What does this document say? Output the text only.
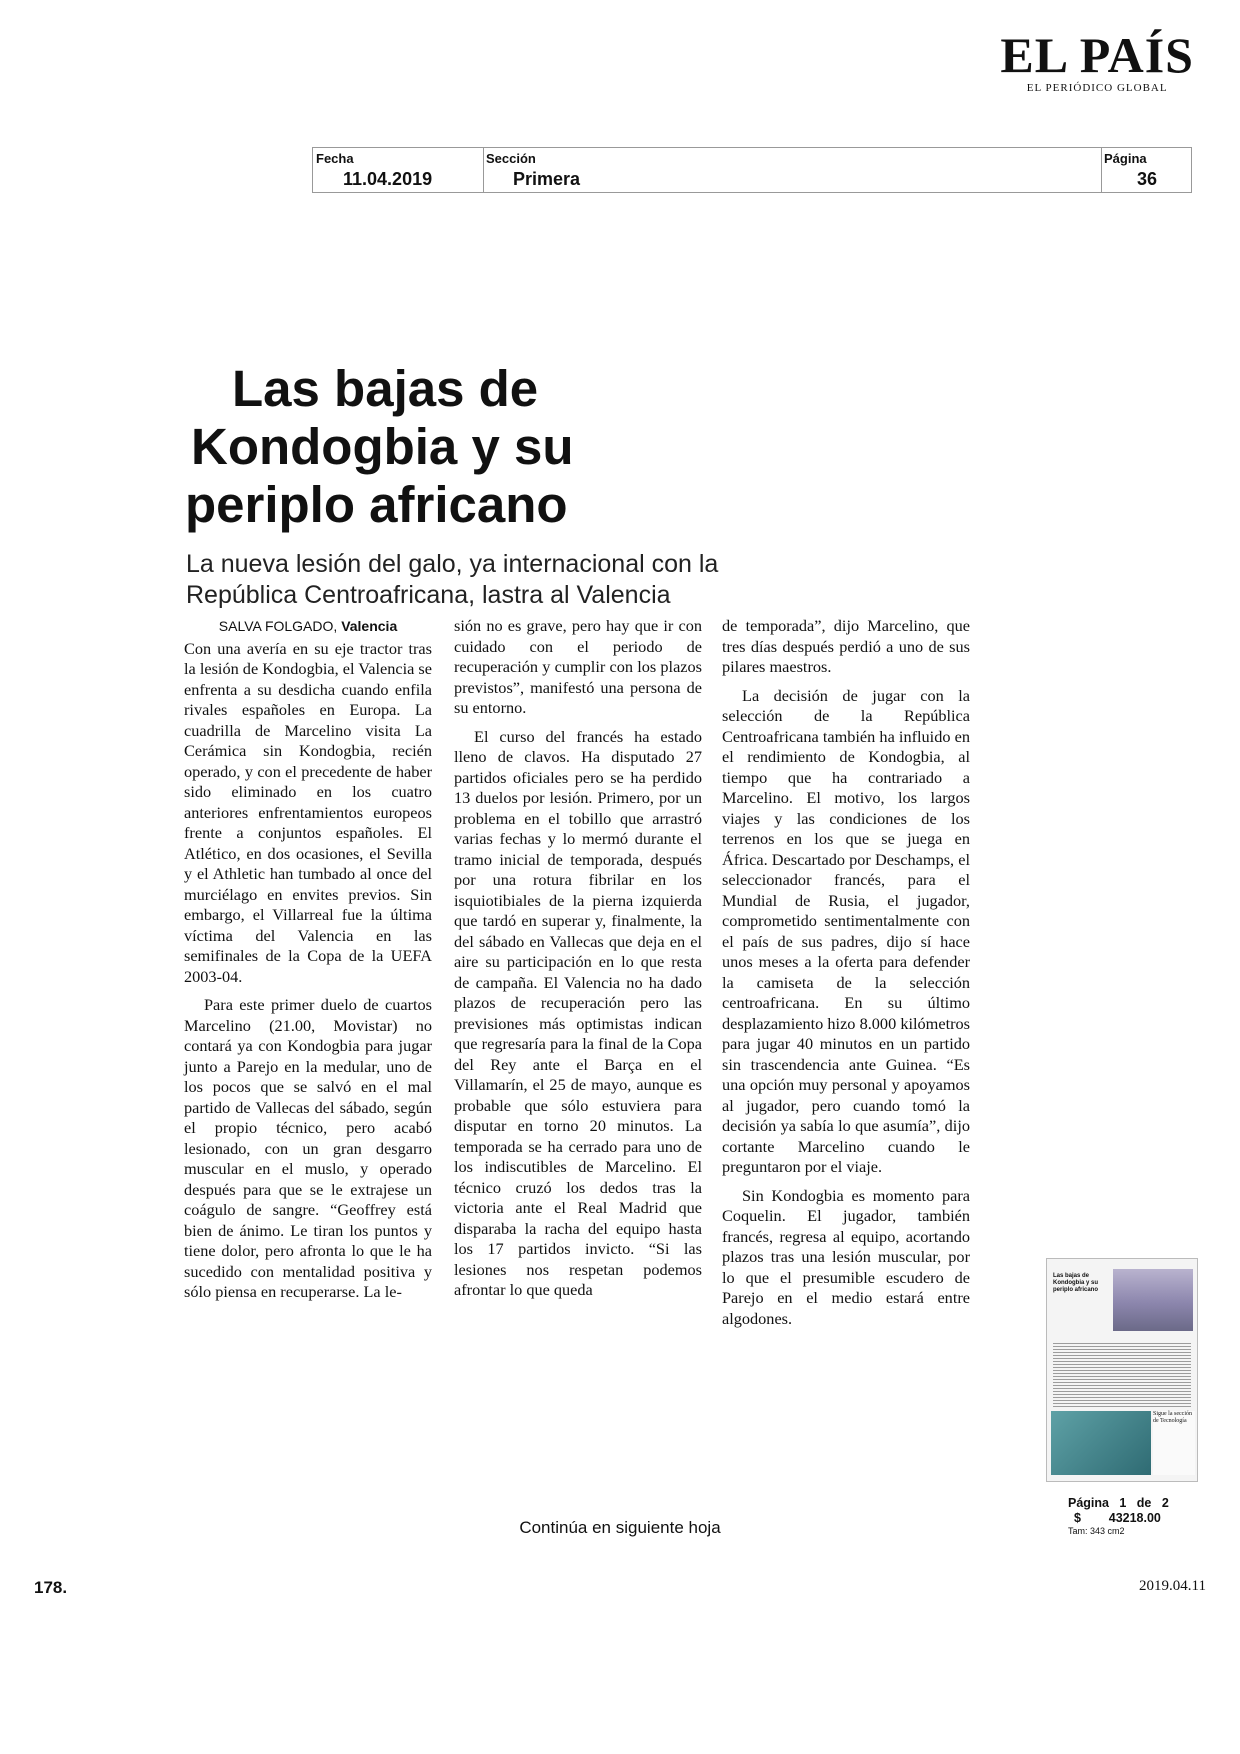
EL PAÍS
EL PERIÓDICO GLOBAL
Fecha
11.04.2019
Sección
Primera
Página
36
Las bajas de
Kondogbia y su
periplo africano
La nueva lesión del galo, ya internacional con la República Centroafricana, lastra al Valencia
SALVA FOLGADO, Valencia

Con una avería en su eje tractor tras la lesión de Kondogbia, el Valencia se enfrenta a su desdicha cuando enfila rivales españoles en Europa. La cuadrilla de Marcelino visita La Cerámica sin Kondogbia, recién operado, y con el precedente de haber sido eliminado en los cuatro anteriores enfrentamientos europeos frente a conjuntos españoles. El Atlético, en dos ocasiones, el Sevilla y el Athletic han tumbado al once del murciélago en envites previos. Sin embargo, el Villarreal fue la última víctima del Valencia en las semifinales de la Copa de la UEFA 2003-04.

Para este primer duelo de cuartos Marcelino (21.00, Movistar) no contará ya con Kondogbia para jugar junto a Parejo en la medular, uno de los pocos que se salvó en el mal partido de Vallecas del sábado, según el propio técnico, pero acabó lesionado, con un gran desgarro muscular en el muslo, y operado después para que se le extrajese un coágulo de sangre. “Geoffrey está bien de ánimo. Le tiran los puntos y tiene dolor, pero afronta lo que le ha sucedido con mentalidad positiva y sólo piensa en recuperarse. La le-

sión no es grave, pero hay que ir con cuidado con el periodo de recuperación y cumplir con los plazos previstos”, manifestó una persona de su entorno.

El curso del francés ha estado lleno de clavos. Ha disputado 27 partidos oficiales pero se ha perdido 13 duelos por lesión. Primero, por un problema en el tobillo que arrastró varias fechas y lo mermó durante el tramo inicial de temporada, después por una rotura fibrilar en los isquiotibiales de la pierna izquierda que tardó en superar y, finalmente, la del sábado en Vallecas que deja en el aire su participación en lo que resta de campaña. El Valencia no ha dado plazos de recuperación pero las previsiones más optimistas indican que regresaría para la final de la Copa del Rey ante el Barça en el Villamarín, el 25 de mayo, aunque es probable que sólo estuviera para disputar en torno 20 minutos. La temporada se ha cerrado para uno de los indiscutibles de Marcelino. El técnico cruzó los dedos tras la victoria ante el Real Madrid que disparaba la racha del equipo hasta los 17 partidos invicto. “Si las lesiones nos respetan podemos afrontar lo que queda

de temporada”, dijo Marcelino, que tres días después perdió a uno de sus pilares maestros.

La decisión de jugar con la selección de la República Centroafricana también ha influido en el rendimiento de Kondogbia, al tiempo que ha contrariado a Marcelino. El motivo, los largos viajes y las condiciones de los terrenos en los que se juega en África. Descartado por Deschamps, el seleccionador francés, para el Mundial de Rusia, el jugador, comprometido sentimentalmente con el país de sus padres, dijo sí hace unos meses a la oferta para defender la camiseta de la selección centroafricana. En su último desplazamiento hizo 8.000 kilómetros para jugar 40 minutos en un partido sin trascendencia ante Guinea. “Es una opción muy personal y apoyamos al jugador, pero cuando tomó la decisión ya sabía lo que asumía”, dijo cortante Marcelino cuando le preguntaron por el viaje.

Sin Kondogbia es momento para Coquelin. El jugador, también francés, regresa al equipo, acortando plazos tras una lesión muscular, por lo que el presumible escudero de Parejo en el medio estará entre algodones.

Las bajas de Kondogbia y su periplo africano
Sigue la sección de Tecnología
Página 1 de 2
$ 43218.00
Tam: 343 cm2
Continúa en siguiente hoja
178.	2019.04.11
